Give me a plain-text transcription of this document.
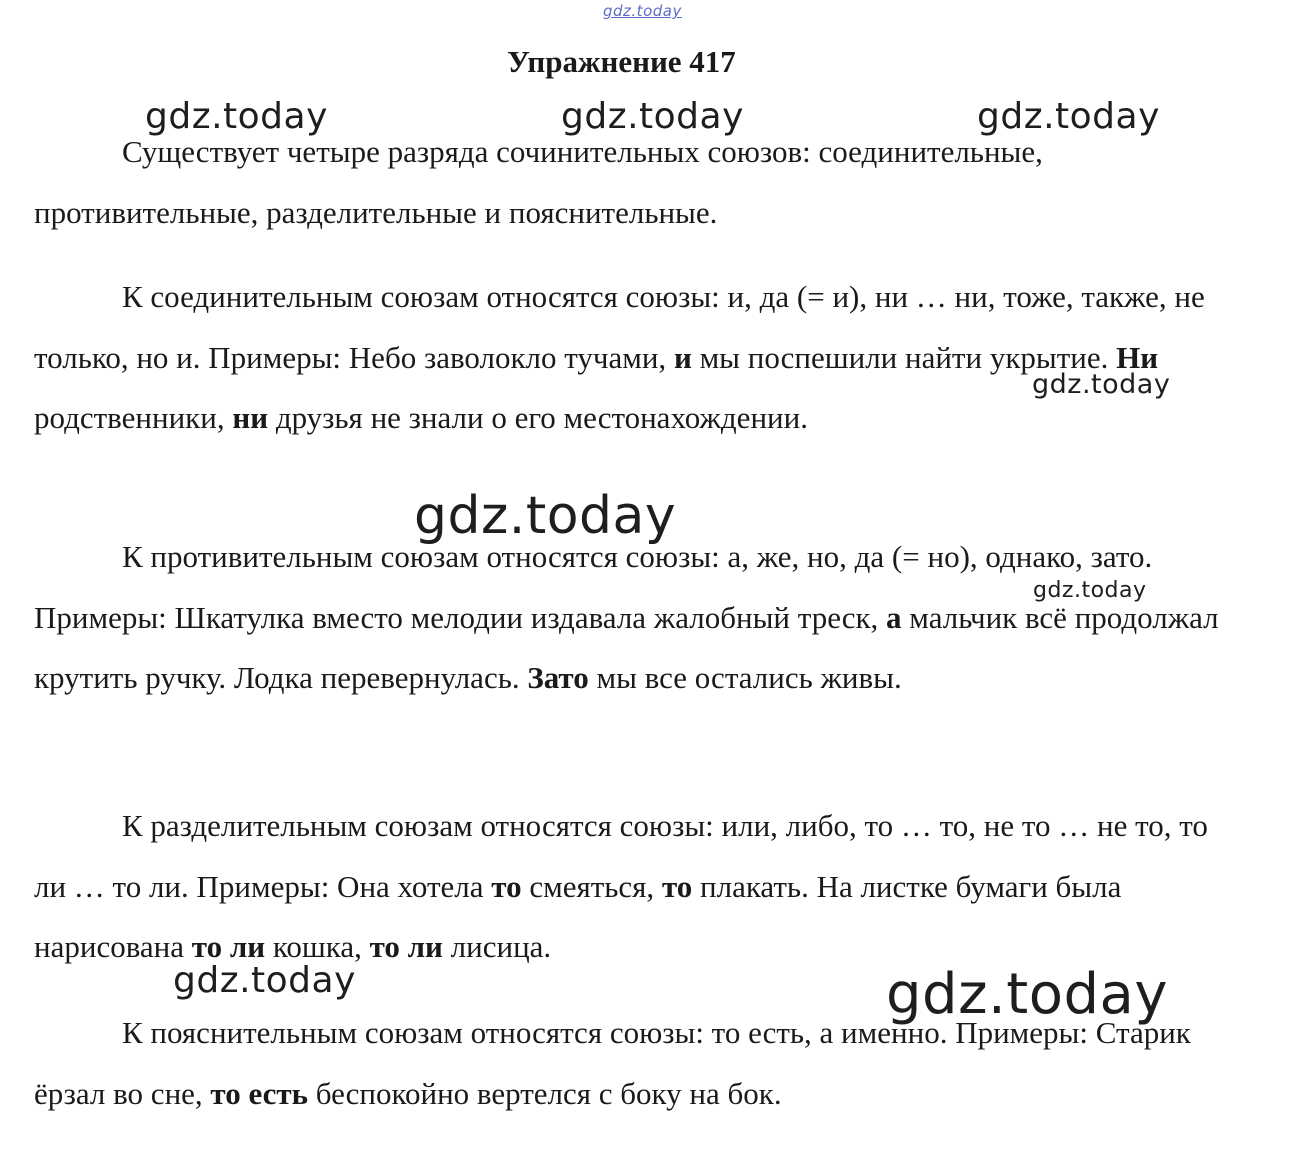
gdz.today
Упражнение 417
gdz.today	gdz.today	gdz.today

Существует четыре разряда сочинительных союзов: соединительные, противительные, разделительные и пояснительные.

К соединительным союзам относятся союзы: и, да (= и), ни … ни, тоже, также, не только, но и. Примеры: Небо заволокло тучами, и мы поспешили найти укрытие. Ни родственники, ни друзья не знали о его местонахождении.

gdz.today
gdz.today

К противительным союзам относятся союзы: а, же, но, да (= но), однако, зато. Примеры: Шкатулка вместо мелодии издавала жалобный треск, а мальчик всё продолжал крутить ручку. Лодка перевернулась. Зато мы все остались живы.

gdz.today

К разделительным союзам относятся союзы: или, либо, то … то, не то … не то, то ли … то ли. Примеры: Она хотела то смеяться, то плакать. На листке бумаги была нарисована то ли кошка, то ли лисица.

gdz.today	gdz.today

К пояснительным союзам относятся союзы: то есть, а именно. Примеры: Старик ёрзал во сне, то есть беспокойно вертелся с боку на бок.
